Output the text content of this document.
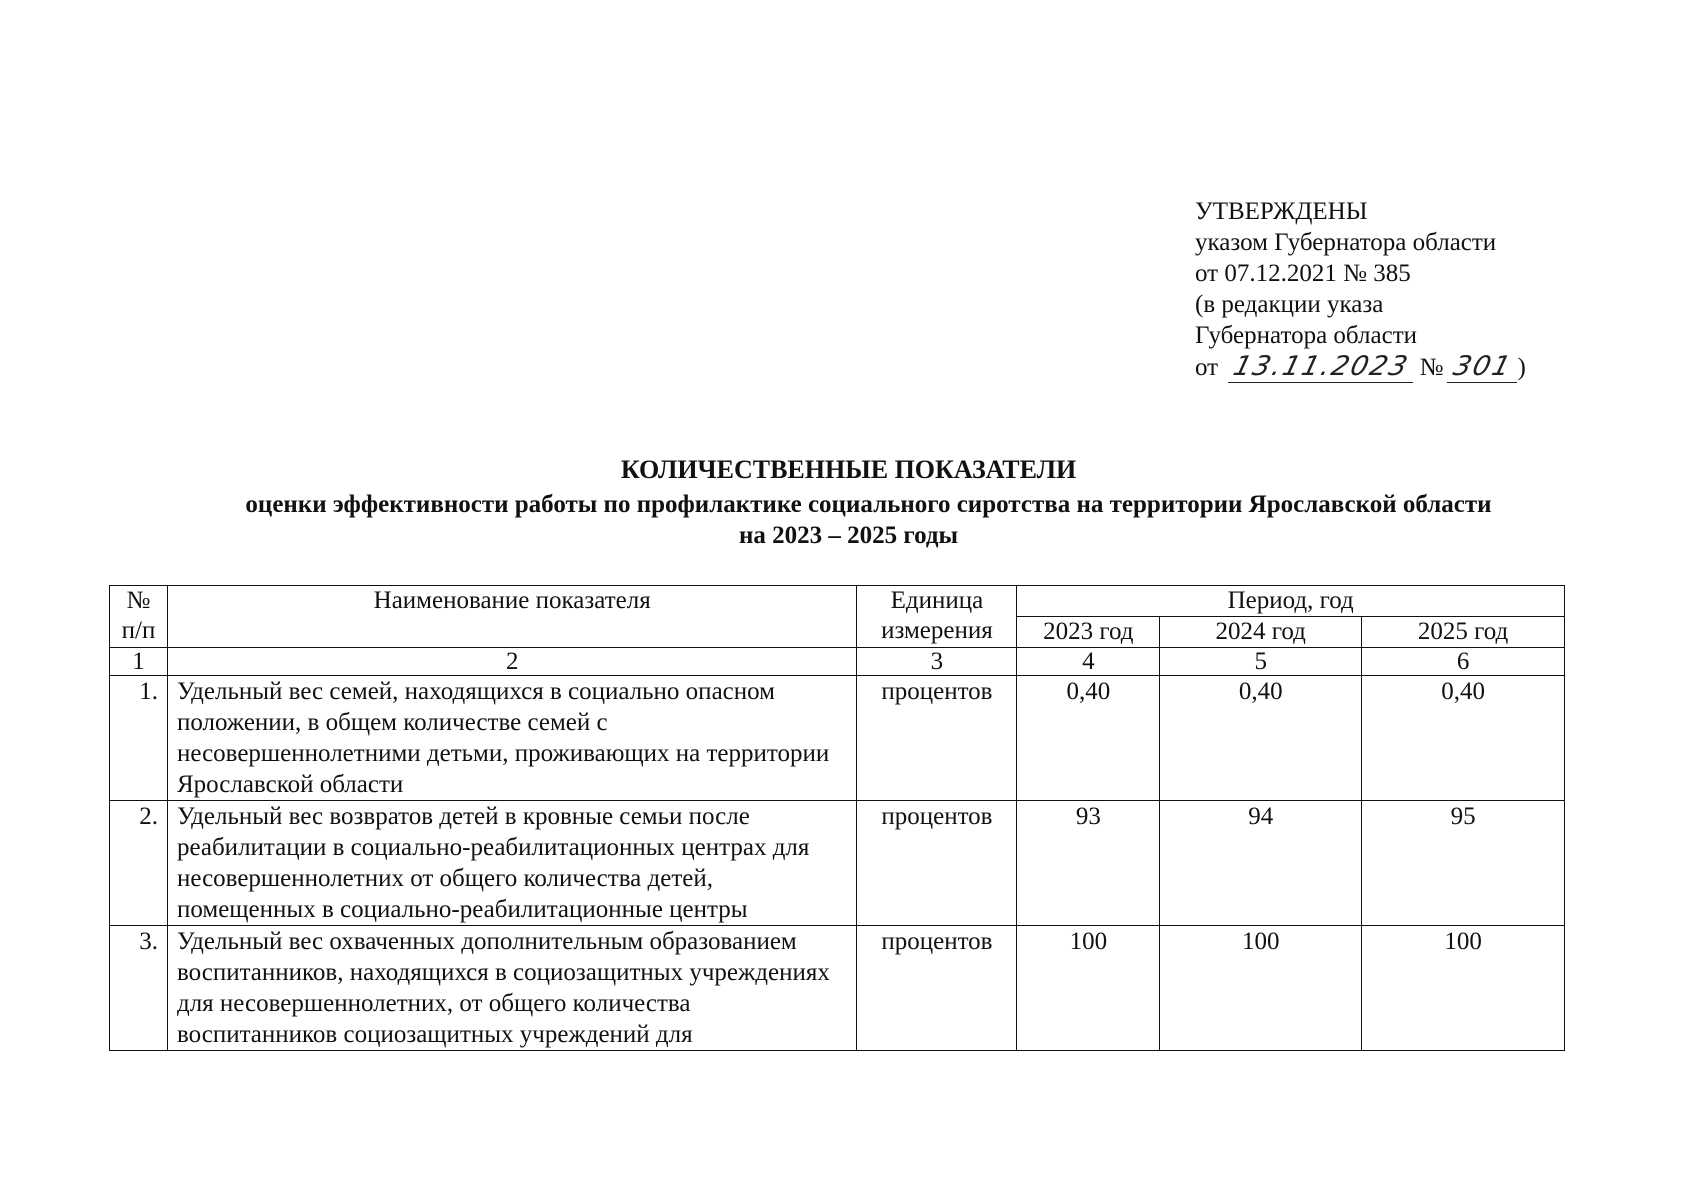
УТВЕРЖДЕНЫ
указом Губернатора области
от 07.12.2021 № 385
(в редакции указа
Губернатора области
от 13.11.2023 № 301)
КОЛИЧЕСТВЕННЫЕ ПОКАЗАТЕЛИ
оценки эффективности работы по профилактике социального сиротства на территории Ярославской области
на 2023 – 2025 годы
№ п/п	Наименование показателя	Единица измерения	Период, год		
			2023 год	2024 год	2025 год
1	2	3	4	5	6
1.	Удельный вес семей, находящихся в социально опасном положении, в общем количестве семей с несовершеннолетними детьми, проживающих на территории Ярославской области	процентов	0,40	0,40	0,40
2.	Удельный вес возвратов детей в кровные семьи после реабилитации в социально-реабилитационных центрах для несовершеннолетних от общего количества детей, помещенных в социально-реабилитационные центры	процентов	93	94	95
3.	Удельный вес охваченных дополнительным образованием воспитанников, находящихся в социозащитных учреждениях для несовершеннолетних, от общего количества воспитанников социозащитных учреждений для	процентов	100	100	100
